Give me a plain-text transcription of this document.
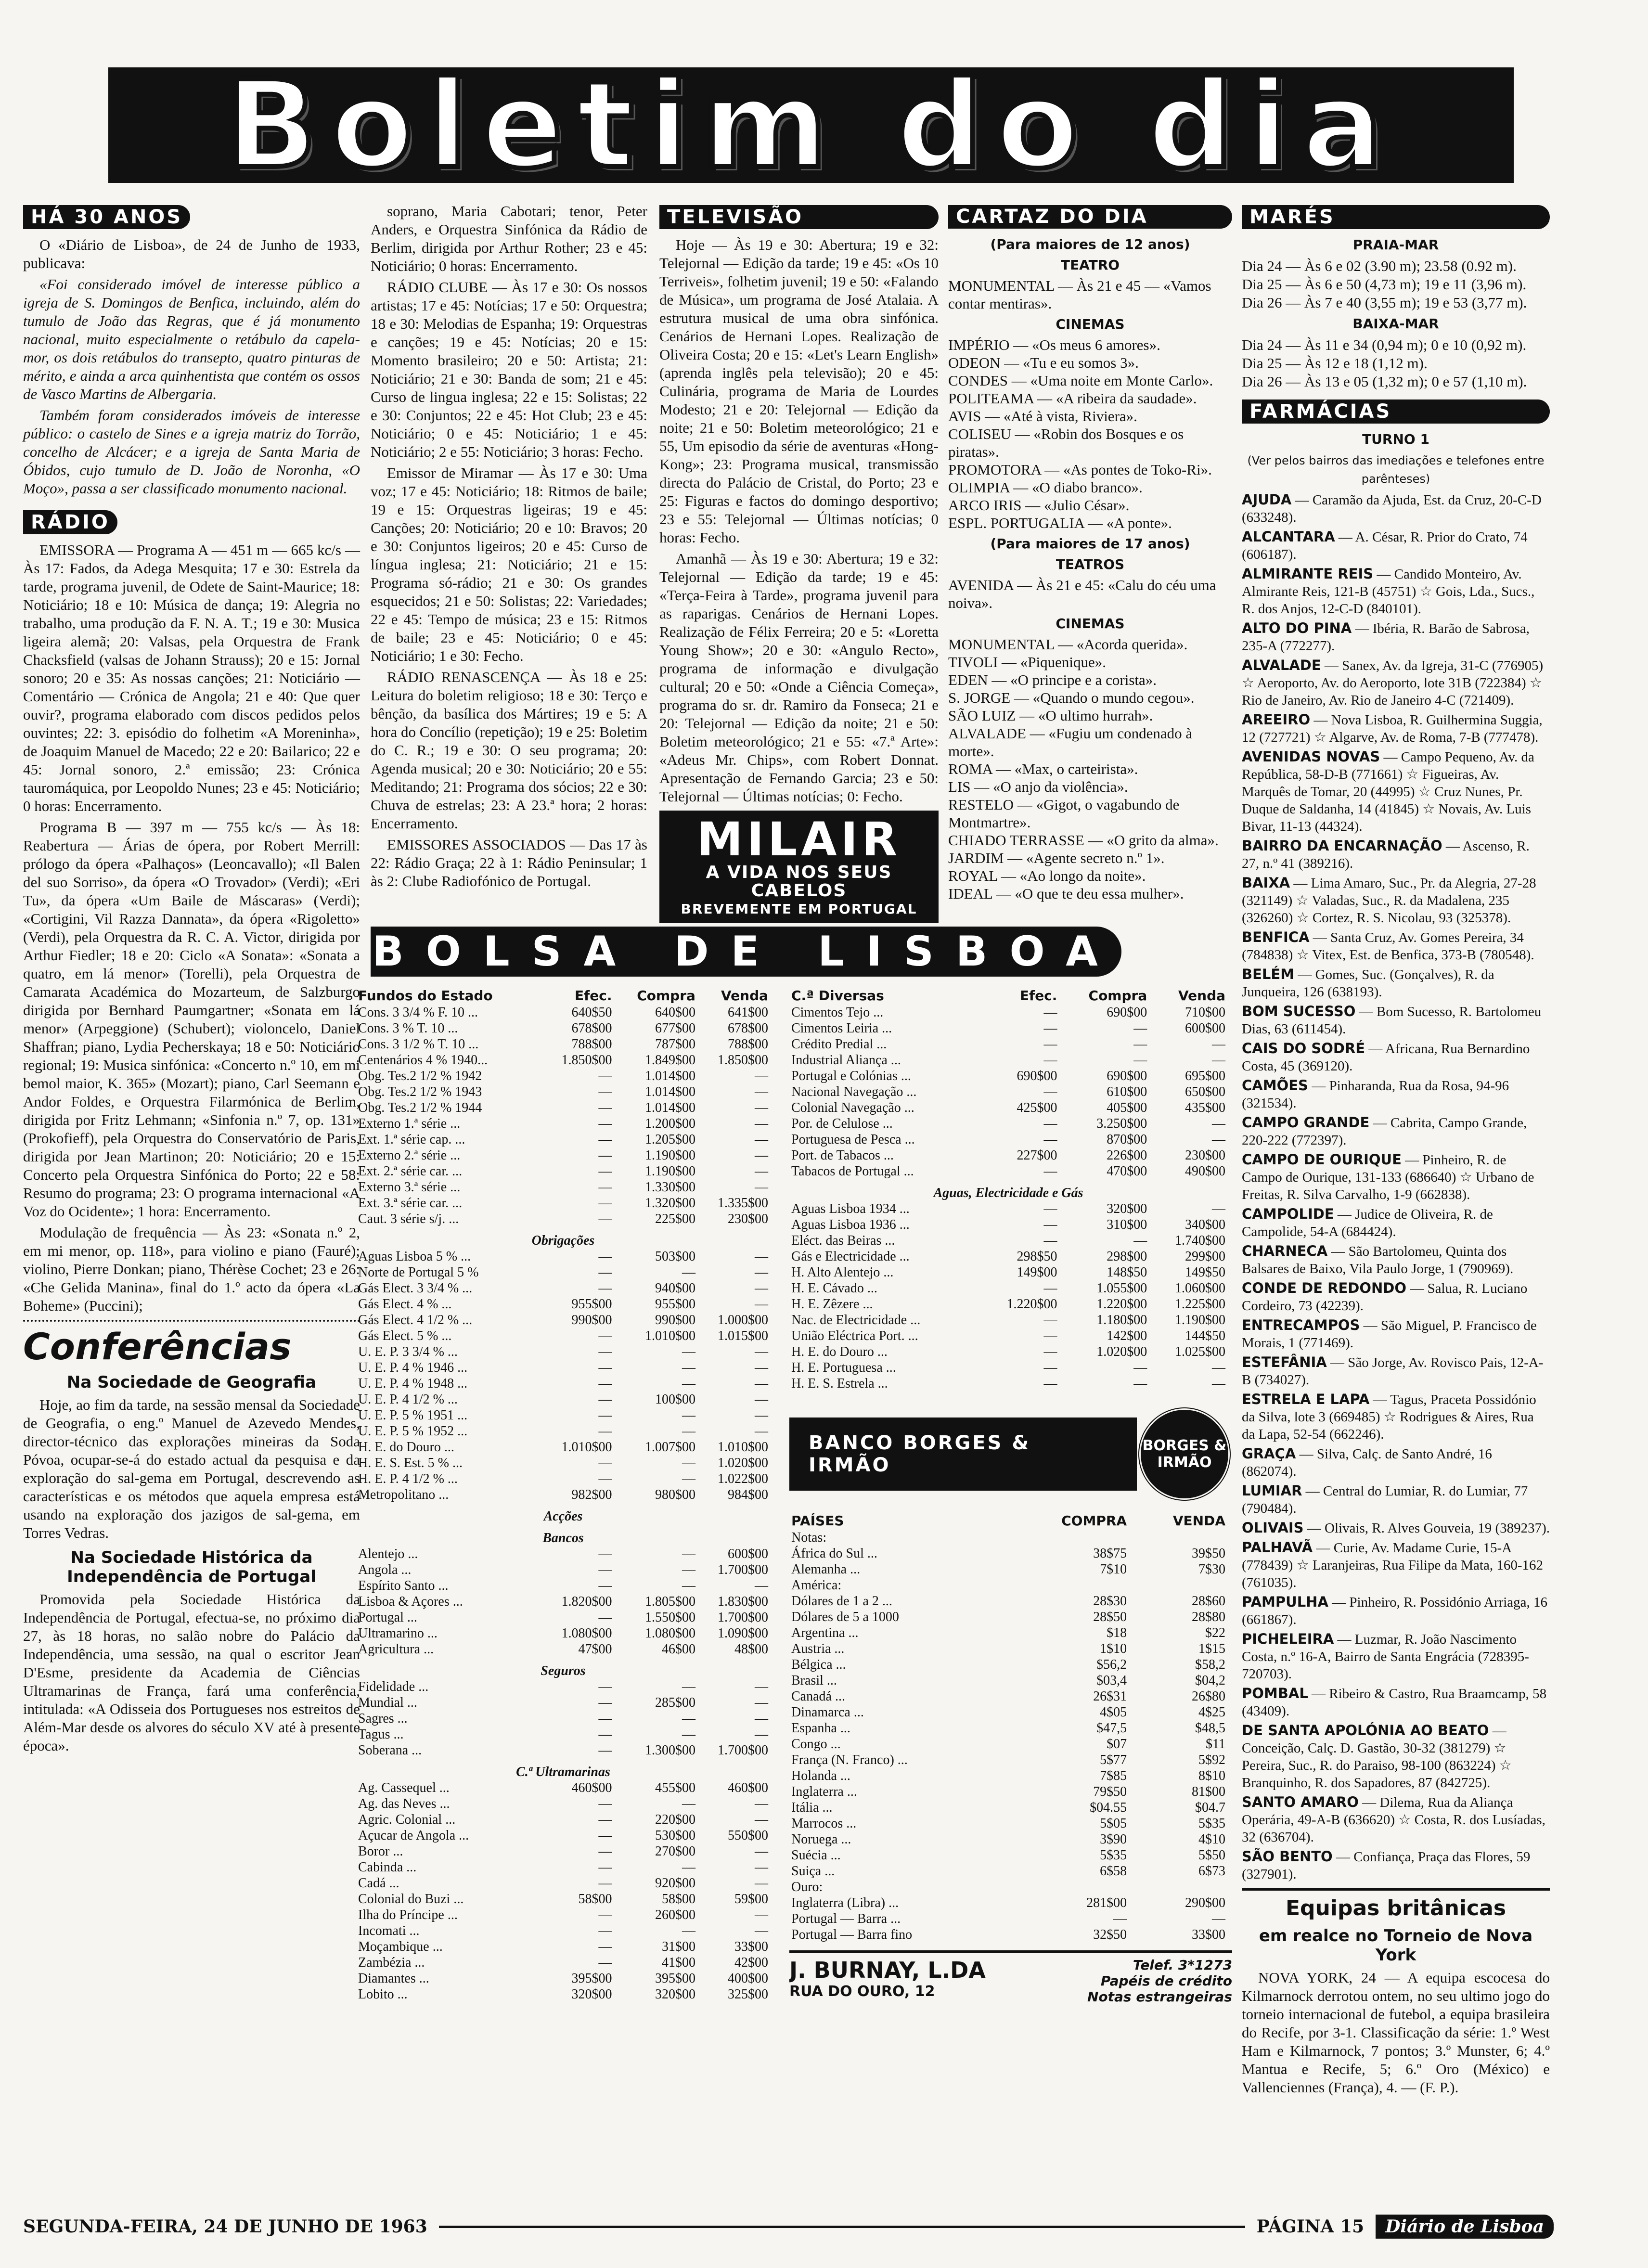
Boletim do dia
HÁ 30 ANOS

O «Diário de Lisboa», de 24 de Junho de 1933, publicava:

«Foi considerado imóvel de interesse público a igreja de S. Domingos de Benfica, incluindo, além do tumulo de João das Regras, que é já monumento nacional, muito especialmente o retábulo da capela-mor, os dois retábulos do transepto, quatro pinturas de mérito, e ainda a arca quinhentista que contém os ossos de Vasco Martins de Albergaria.

Também foram considerados imóveis de interesse público: o castelo de Sines e a igreja matriz do Torrão, concelho de Alcácer; e a igreja de Santa Maria de Óbidos, cujo tumulo de D. João de Noronha, «O Moço», passa a ser classificado monumento nacional.

RÁDIO

EMISSORA — Programa A — 451 m — 665 kc/s — Às 17: Fados, da Adega Mesquita; 17 e 30: Estrela da tarde, programa juvenil, de Odete de Saint-Maurice; 18: Noticiário; 18 e 10: Música de dança; 19: Alegria no trabalho, uma produção da F. N. A. T.; 19 e 30: Musica ligeira alemã; 20: Valsas, pela Orquestra de Frank Chacksfield (valsas de Johann Strauss); 20 e 15: Jornal sonoro; 20 e 35: As nossas canções; 21: Noticiário — Comentário — Crónica de Angola; 21 e 40: Que quer ouvir?, programa elaborado com discos pedidos pelos ouvintes; 22: 3. episódio do folhetim «A Moreninha», de Joaquim Manuel de Macedo; 22 e 20: Bailarico; 22 e 45: Jornal sonoro, 2.ª emissão; 23: Crónica tauromáquica, por Leopoldo Nunes; 23 e 45: Noticiário; 0 horas: Encerramento.

Programa B — 397 m — 755 kc/s — Às 18: Reabertura — Árias de ópera, por Robert Merrill: prólogo da ópera «Palhaços» (Leoncavallo); «Il Balen del suo Sorriso», da ópera «O Trovador» (Verdi); «Eri Tu», da ópera «Um Baile de Máscaras» (Verdi); «Cortigini, Vil Razza Dannata», da ópera «Rigoletto» (Verdi), pela Orquestra da R. C. A. Victor, dirigida por Arthur Fiedler; 18 e 20: Ciclo «A Sonata»: «Sonata a quatro, em lá menor» (Torelli), pela Orquestra de Camarata Académica do Mozarteum, de Salzburgo dirigida por Bernhard Paumgartner; «Sonata em lá menor» (Arpeggione) (Schubert); violoncelo, Daniel Shaffran; piano, Lydia Pecherskaya; 18 e 50: Noticiário regional; 19: Musica sinfónica: «Concerto n.º 10, em mi bemol maior, K. 365» (Mozart); piano, Carl Seemann e Andor Foldes, e Orquestra Filarmónica de Berlim, dirigida por Fritz Lehmann; «Sinfonia n.º 7, op. 131» (Prokofieff), pela Orquestra do Conservatório de Paris, dirigida por Jean Martinon; 20: Noticiário; 20 e 15: Concerto pela Orquestra Sinfónica do Porto; 22 e 58: Resumo do programa; 23: O programa internacional «A Voz do Ocidente»; 1 hora: Encerramento.

Modulação de frequência — Às 23: «Sonata n.º 2, em mi menor, op. 118», para violino e piano (Fauré); violino, Pierre Donkan; piano, Thérèse Cochet; 23 e 26: «Che Gelida Manina», final do 1.º acto da ópera «La Boheme» (Puccini);

Conferências
Na Sociedade de Geografia

Hoje, ao fim da tarde, na sessão mensal da Sociedade de Geografia, o eng.º Manuel de Azevedo Mendes, director-técnico das explorações mineiras da Soda Póvoa, ocupar-se-á do estado actual da pesquisa e da exploração do sal-gema em Portugal, descrevendo as características e os métodos que aquela empresa está usando na exploração dos jazigos de sal-gema, em Torres Vedras.

Na Sociedade Histórica da Independência de Portugal

Promovida pela Sociedade Histórica da Independência de Portugal, efectua-se, no próximo dia 27, às 18 horas, no salão nobre do Palácio da Independência, uma sessão, na qual o escritor Jean D'Esme, presidente da Academia de Ciências Ultramarinas de França, fará uma conferência, intitulada: «A Odisseia dos Portugueses nos estreitos de Além-Mar desde os alvores do século XV até à presente época».

soprano, Maria Cabotari; tenor, Peter Anders, e Orquestra Sinfónica da Rádio de Berlim, dirigida por Arthur Rother; 23 e 45: Noticiário; 0 horas: Encerramento.

RÁDIO CLUBE — Às 17 e 30: Os nossos artistas; 17 e 45: Notícias; 17 e 50: Orquestra; 18 e 30: Melodias de Espanha; 19: Orquestras e canções; 19 e 45: Notícias; 20 e 15: Momento brasileiro; 20 e 50: Artista; 21: Noticiário; 21 e 30: Banda de som; 21 e 45: Curso de lingua inglesa; 22 e 15: Solistas; 22 e 30: Conjuntos; 22 e 45: Hot Club; 23 e 45: Noticiário; 0 e 45: Noticiário; 1 e 45: Noticiário; 2 e 55: Noticiário; 3 horas: Fecho.

Emissor de Miramar — Às 17 e 30: Uma voz; 17 e 45: Noticiário; 18: Ritmos de baile; 19 e 15: Orquestras ligeiras; 19 e 45: Canções; 20: Noticiário; 20 e 10: Bravos; 20 e 30: Conjuntos ligeiros; 20 e 45: Curso de língua inglesa; 21: Noticiário; 21 e 15: Programa só-rádio; 21 e 30: Os grandes esquecidos; 21 e 50: Solistas; 22: Variedades; 22 e 45: Tempo de música; 23 e 15: Ritmos de baile; 23 e 45: Noticiário; 0 e 45: Noticiário; 1 e 30: Fecho.

RÁDIO RENASCENÇA — Às 18 e 25: Leitura do boletim religioso; 18 e 30: Terço e bênção, da basílica dos Mártires; 19 e 5: A hora do Concílio (repetição); 19 e 25: Boletim do C. R.; 19 e 30: O seu programa; 20: Agenda musical; 20 e 30: Noticiário; 20 e 55: Meditando; 21: Programa dos sócios; 22 e 30: Chuva de estrelas; 23: A 23.ª hora; 2 horas: Encerramento.

EMISSORES ASSOCIADOS — Das 17 às 22: Rádio Graça; 22 à 1: Rádio Peninsular; 1 às 2: Clube Radiofónico de Portugal.

TELEVISÃO

Hoje — Às 19 e 30: Abertura; 19 e 32: Telejornal — Edição da tarde; 19 e 45: «Os 10 Terriveis», folhetim juvenil; 19 e 50: «Falando de Música», um programa de José Atalaia. A estrutura musical de uma obra sinfónica. Cenários de Hernani Lopes. Realização de Oliveira Costa; 20 e 15: «Let's Learn English» (aprenda inglês pela televisão); 20 e 45: Culinária, programa de Maria de Lourdes Modesto; 21 e 20: Telejornal — Edição da noite; 21 e 50: Boletim meteorológico; 21 e 55, Um episodio da série de aventuras «Hong-Kong»; 23: Programa musical, transmissão directa do Palácio de Cristal, do Porto; 23 e 25: Figuras e factos do domingo desportivo; 23 e 55: Telejornal — Últimas notícias; 0 horas: Fecho.

Amanhã — Às 19 e 30: Abertura; 19 e 32: Telejornal — Edição da tarde; 19 e 45: «Terça-Feira à Tarde», programa juvenil para as raparigas. Cenários de Hernani Lopes. Realização de Félix Ferreira; 20 e 5: «Loretta Young Show»; 20 e 30: «Angulo Recto», programa de informação e divulgação cultural; 20 e 50: «Onde a Ciência Começa», programa do sr. dr. Ramiro da Fonseca; 21 e 20: Telejornal — Edição da noite; 21 e 50: Boletim meteorológico; 21 e 55: «7.ª Arte»: «Adeus Mr. Chips», com Robert Donnat. Apresentação de Fernando Garcia; 23 e 50: Telejornal — Últimas notícias; 0: Fecho.

MILAIR
A VIDA NOS SEUS CABELOS
BREVEMENTE EM PORTUGAL
CARTAZ DO DIA
(Para maiores de 12 anos)
TEATRO
MONUMENTAL — Às 21 e 45 — «Vamos contar mentiras».
CINEMAS
IMPÉRIO — «Os meus 6 amores».
ODEON — «Tu e eu somos 3».
CONDES — «Uma noite em Monte Carlo».
POLITEAMA — «A ribeira da saudade».
AVIS — «Até à vista, Riviera».
COLISEU — «Robin dos Bosques e os piratas».
PROMOTORA — «As pontes de Toko-Ri».
OLIMPIA — «O diabo branco».
ARCO IRIS — «Julio César».
ESPL. PORTUGALIA — «A ponte».
(Para maiores de 17 anos)
TEATROS
AVENIDA — Às 21 e 45: «Calu do céu uma noiva».
CINEMAS
MONUMENTAL — «Acorda querida».
TIVOLI — «Piquenique».
EDEN — «O principe e a corista».
S. JORGE — «Quando o mundo cegou».
SÃO LUIZ — «O ultimo hurrah».
ALVALADE — «Fugiu um condenado à morte».
ROMA — «Max, o carteirista».
LIS — «O anjo da violência».
RESTELO — «Gigot, o vagabundo de Montmartre».
CHIADO TERRASSE — «O grito da alma».
JARDIM — «Agente secreto n.º 1».
ROYAL — «Ao longo da noite».
IDEAL — «O que te deu essa mulher».
MARÉS
PRAIA-MAR
Dia 24 — Às 6 e 02 (3.90 m); 23.58 (0.92 m).
Dia 25 — Às 6 e 50 (4,73 m); 19 e 11 (3,96 m).
Dia 26 — Às 7 e 40 (3,55 m); 19 e 53 (3,77 m).
BAIXA-MAR
Dia 24 — Às 11 e 34 (0,94 m); 0 e 10 (0,92 m).
Dia 25 — Às 12 e 18 (1,12 m).
Dia 26 — Às 13 e 05 (1,32 m); 0 e 57 (1,10 m).
FARMÁCIAS
TURNO 1
(Ver pelos bairros das imediações e telefones entre parênteses)
AJUDA — Caramão da Ajuda, Est. da Cruz, 20-C-D (633248).
ALCANTARA — A. César, R. Prior do Crato, 74 (606187).
ALMIRANTE REIS — Candido Monteiro, Av. Almirante Reis, 121-B (45751) ☆ Gois, Lda., Sucs., R. dos Anjos, 12-C-D (840101).
ALTO DO PINA — Ibéria, R. Barão de Sabrosa, 235-A (772277).
ALVALADE — Sanex, Av. da Igreja, 31-C (776905) ☆ Aeroporto, Av. do Aeroporto, lote 31B (722384) ☆ Rio de Janeiro, Av. Rio de Janeiro 4-C (721409).
AREEIRO — Nova Lisboa, R. Guilhermina Suggia, 12 (727721) ☆ Algarve, Av. de Roma, 7-B (777478).
AVENIDAS NOVAS — Campo Pequeno, Av. da República, 58-D-B (771661) ☆ Figueiras, Av. Marquês de Tomar, 20 (44995) ☆ Cruz Nunes, Pr. Duque de Saldanha, 14 (41845) ☆ Novais, Av. Luis Bivar, 11-13 (44324).
BAIRRO DA ENCARNAÇÃO — Ascenso, R. 27, n.º 41 (389216).
BAIXA — Lima Amaro, Suc., Pr. da Alegria, 27-28 (321149) ☆ Valadas, Suc., R. da Madalena, 235 (326260) ☆ Cortez, R. S. Nicolau, 93 (325378).
BENFICA — Santa Cruz, Av. Gomes Pereira, 34 (784838) ☆ Vitex, Est. de Benfica, 373-B (780548).
BELÉM — Gomes, Suc. (Gonçalves), R. da Junqueira, 126 (638193).
BOM SUCESSO — Bom Sucesso, R. Bartolomeu Dias, 63 (611454).
CAIS DO SODRÉ — Africana, Rua Bernardino Costa, 45 (369120).
CAMÕES — Pinharanda, Rua da Rosa, 94-96 (321534).
CAMPO GRANDE — Cabrita, Campo Grande, 220-222 (772397).
CAMPO DE OURIQUE — Pinheiro, R. de Campo de Ourique, 131-133 (686640) ☆ Urbano de Freitas, R. Silva Carvalho, 1-9 (662838).
CAMPOLIDE — Judice de Oliveira, R. de Campolide, 54-A (684424).
CHARNECA — São Bartolomeu, Quinta dos Balsares de Baixo, Vila Paulo Jorge, 1 (790969).
CONDE DE REDONDO — Salua, R. Luciano Cordeiro, 73 (42239).
ENTRECAMPOS — São Miguel, P. Francisco de Morais, 1 (771469).
ESTEFÂNIA — São Jorge, Av. Rovisco Pais, 12-A-B (734027).
ESTRELA E LAPA — Tagus, Praceta Possidónio da Silva, lote 3 (669485) ☆ Rodrigues & Aires, Rua da Lapa, 52-54 (662246).
GRAÇA — Silva, Calç. de Santo André, 16 (862074).
LUMIAR — Central do Lumiar, R. do Lumiar, 77 (790484).
OLIVAIS — Olivais, R. Alves Gouveia, 19 (389237).
PALHAVÃ — Curie, Av. Madame Curie, 15-A (778439) ☆ Laranjeiras, Rua Filipe da Mata, 160-162 (761035).
PAMPULHA — Pinheiro, R. Possidónio Arriaga, 16 (661867).
PICHELEIRA — Luzmar, R. João Nascimento Costa, n.º 16-A, Bairro de Santa Engrácia (728395-720703).
POMBAL — Ribeiro & Castro, Rua Braamcamp, 58 (43409).
DE SANTA APOLÓNIA AO BEATO — Conceição, Calç. D. Gastão, 30-32 (381279) ☆ Pereira, Suc., R. do Paraiso, 98-100 (863224) ☆ Branquinho, R. dos Sapadores, 87 (842725).
SANTO AMARO — Dilema, Rua da Aliança Operária, 49-A-B (636620) ☆ Costa, R. dos Lusíadas, 32 (636704).
SÃO BENTO — Confiança, Praça das Flores, 59 (327901).
Equipas britânicas
em realce no Torneio de Nova York

NOVA YORK, 24 — A equipa escocesa do Kilmarnock derrotou ontem, no seu ultimo jogo do torneio internacional de futebol, a equipa brasileira do Recife, por 3-1. Classificação da série: 1.º West Ham e Kilmarnock, 7 pontos; 3.º Munster, 6; 4.º Mantua e Recife, 5; 6.º Oro (México) e Vallenciennes (França), 4. — (F. P.).

BOLSA DE LISBOA
Fundos do Estado	Efec.	Compra	Venda
Cons. 3 3/4 % F. 10 ...	640$50	640$00	641$00
Cons. 3 % T. 10 ...	678$00	677$00	678$00
Cons. 3 1/2 % T. 10 ...	788$00	787$00	788$00
Centenários 4 % 1940...	1.850$00	1.849$00	1.850$00
Obg. Tes.2 1/2 % 1942	—	1.014$00	—
Obg. Tes.2 1/2 % 1943	—	1.014$00	—
Obg. Tes.2 1/2 % 1944	—	1.014$00	—
Externo 1.ª série ...	—	1.200$00	—
Ext. 1.ª série cap. ...	—	1.205$00	—
Externo 2.ª série ...	—	1.190$00	—
Ext. 2.ª série car. ...	—	1.190$00	—
Externo 3.ª série ...	—	1.330$00	—
Ext. 3.ª série car. ...	—	1.320$00	1.335$00
Caut. 3 série s/j. ...	—	225$00	230$00
Obrigações			
Aguas Lisboa 5 % ...	—	503$00	—
Norte de Portugal 5 %	—	—	—
Gás Elect. 3 3/4 % ...	—	940$00	—
Gás Elect. 4 % ...	955$00	955$00	—
Gás Elect. 4 1/2 % ...	990$00	990$00	1.000$00
Gás Elect. 5 % ...	—	1.010$00	1.015$00
U. E. P. 3 3/4 % ...	—	—	—
U. E. P. 4 % 1946 ...	—	—	—
U. E. P. 4 % 1948 ...	—	—	—
U. E. P. 4 1/2 % ...	—	100$00	—
U. E. P. 5 % 1951 ...	—	—	—
U. E. P. 5 % 1952 ...	—	—	—
H. E. do Douro ...	1.010$00	1.007$00	1.010$00
H. E. S. Est. 5 % ...	—	—	1.020$00
H. E. P. 4 1/2 % ...	—	—	1.022$00
Metropolitano ...	982$00	980$00	984$00
Acções			
Bancos			
Alentejo ...	—	—	600$00
Angola ...	—	—	1.700$00
Espírito Santo ...	—	—	—
Lisboa & Açores ...	1.820$00	1.805$00	1.830$00
Portugal ...	—	1.550$00	1.700$00
Ultramarino ...	1.080$00	1.080$00	1.090$00
Agricultura ...	47$00	46$00	48$00
Seguros			
Fidelidade ...	—	—	—
Mundial ...	—	285$00	—
Sagres ...	—	—	—
Tagus ...	—	—	—
Soberana ...	—	1.300$00	1.700$00
C.ª Ultramarinas			
Ag. Cassequel ...	460$00	455$00	460$00
Ag. das Neves ...	—	—	—
Agric. Colonial ...	—	220$00	—
Açucar de Angola ...	—	530$00	550$00
Boror ...	—	270$00	—
Cabinda ...	—	—	—
Cadá ...	—	920$00	—
Colonial do Buzi ...	58$00	58$00	59$00
Ilha do Príncipe ...	—	260$00	—
Incomati ...	—	—	—
Moçambique ...	—	31$00	33$00
Zambézia ...	—	41$00	42$00
Diamantes ...	395$00	395$00	400$00
Lobito ...	320$00	320$00	325$00
C.ª Diversas	Efec.	Compra	Venda
Cimentos Tejo ...	—	690$00	710$00
Cimentos Leiria ...	—	—	600$00
Crédito Predial ...	—	—	—
Industrial Aliança ...	—	—	—
Portugal e Colónias ...	690$00	690$00	695$00
Nacional Navegação ...	—	610$00	650$00
Colonial Navegação ...	425$00	405$00	435$00
Por. de Celulose ...	—	3.250$00	—
Portuguesa de Pesca ...	—	870$00	—
Port. de Tabacos ...	227$00	226$00	230$00
Tabacos de Portugal ...	—	470$00	490$00
Aguas, Electricidade e Gás			
Aguas Lisboa 1934 ...	—	320$00	—
Aguas Lisboa 1936 ...	—	310$00	340$00
Eléct. das Beiras ...	—	—	1.740$00
Gás e Electricidade ...	298$50	298$00	299$00
H. Alto Alentejo ...	149$00	148$50	149$50
H. E. Cávado ...	—	1.055$00	1.060$00
H. E. Zêzere ...	1.220$00	1.220$00	1.225$00
Nac. de Electricidade ...	—	1.180$00	1.190$00
União Eléctrica Port. ...	—	142$00	144$50
H. E. do Douro ...	—	1.020$00	1.025$00
H. E. Portuguesa ...	—	—	—
H. E. S. Estrela ...	—	—	—
BANCO BORGES & IRMÃO
BORGES & IRMÃO
PAÍSES	COMPRA	VENDA
Notas:		
África do Sul ...	38$75	39$50
Alemanha ...	7$10	7$30
América:		
Dólares de 1 a 2 ...	28$30	28$60
Dólares de 5 a 1000	28$50	28$80
Argentina ...	$18	$22
Austria ...	1$10	1$15
Bélgica ...	$56,2	$58,2
Brasil ...	$03,4	$04,2
Canadá ...	26$31	26$80
Dinamarca ...	4$05	4$25
Espanha ...	$47,5	$48,5
Congo ...	$07	$11
França (N. Franco) ...	5$77	5$92
Holanda ...	7$85	8$10
Inglaterra ...	79$50	81$00
Itália ...	$04.55	$04.7
Marrocos ...	5$05	5$35
Noruega ...	3$90	4$10
Suécia ...	5$35	5$50
Suiça ...	6$58	6$73
Ouro:		
Inglaterra (Libra) ...	281$00	290$00
Portugal — Barra ...	—	—
Portugal — Barra fino	32$50	33$00
J. BURNAY, L.DA
RUA DO OURO, 12
Telef. 3*1273
Papéis de crédito
Notas estrangeiras
SEGUNDA-FEIRA, 24 DE JUNHO DE 1963	PÁGINA 15	Diário de Lisboa
